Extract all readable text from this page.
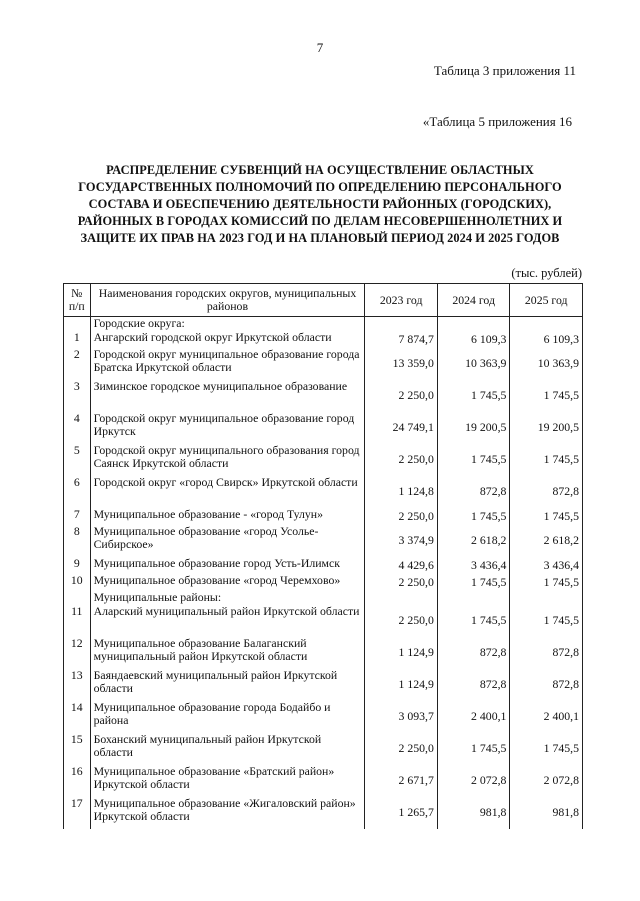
7
Таблица 3 приложения 11
«Таблица 5 приложения 16
РАСПРЕДЕЛЕНИЕ СУБВЕНЦИЙ НА ОСУЩЕСТВЛЕНИЕ ОБЛАСТНЫХ
ГОСУДАРСТВЕННЫХ ПОЛНОМОЧИЙ ПО ОПРЕДЕЛЕНИЮ ПЕРСОНАЛЬНОГО
СОСТАВА И ОБЕСПЕЧЕНИЮ ДЕЯТЕЛЬНОСТИ РАЙОННЫХ (ГОРОДСКИХ),
РАЙОННЫХ В ГОРОДАХ КОМИССИЙ ПО ДЕЛАМ НЕСОВЕРШЕННОЛЕТНИХ И
ЗАЩИТЕ ИХ ПРАВ НА 2023 ГОД И НА ПЛАНОВЫЙ ПЕРИОД 2024 И 2025 ГОДОВ
(тыс. рублей)
№ п/п	Наименования городских округов, муниципальных районов	2023 год	2024 год	2025 год
	Городские округа:			
1	Ангарский городской округ Иркутской области	7 874,7	6 109,3	6 109,3
2	Городской округ муниципальное образование города Братска Иркутской области	13 359,0	10 363,9	10 363,9
3	Зиминское городское муниципальное образование	2 250,0	1 745,5	1 745,5
4	Городской округ муниципальное образование город Иркутск	24 749,1	19 200,5	19 200,5
5	Городской округ муниципального образования город Саянск Иркутской области	2 250,0	1 745,5	1 745,5
6	Городской округ «город Свирск» Иркутской области	1 124,8	872,8	872,8
7	Муниципальное образование - «город Тулун»	2 250,0	1 745,5	1 745,5
8	Муниципальное образование «город Усолье-Сибирское»	3 374,9	2 618,2	2 618,2
9	Муниципальное образование город Усть-Илимск	4 429,6	3 436,4	3 436,4
10	Муниципальное образование «город Черемхово»	2 250,0	1 745,5	1 745,5
	Муниципальные районы:			
11	Аларский муниципальный район Иркутской области	2 250,0	1 745,5	1 745,5
12	Муниципальное образование Балаганский муниципальный район Иркутской области	1 124,9	872,8	872,8
13	Баяндаевский муниципальный район Иркутской области	1 124,9	872,8	872,8
14	Муниципальное образование города Бодайбо и района	3 093,7	2 400,1	2 400,1
15	Боханский муниципальный район Иркутской области	2 250,0	1 745,5	1 745,5
16	Муниципальное образование «Братский район» Иркутской области	2 671,7	2 072,8	2 072,8
17	Муниципальное образование «Жигаловский район» Иркутской области	1 265,7	981,8	981,8
